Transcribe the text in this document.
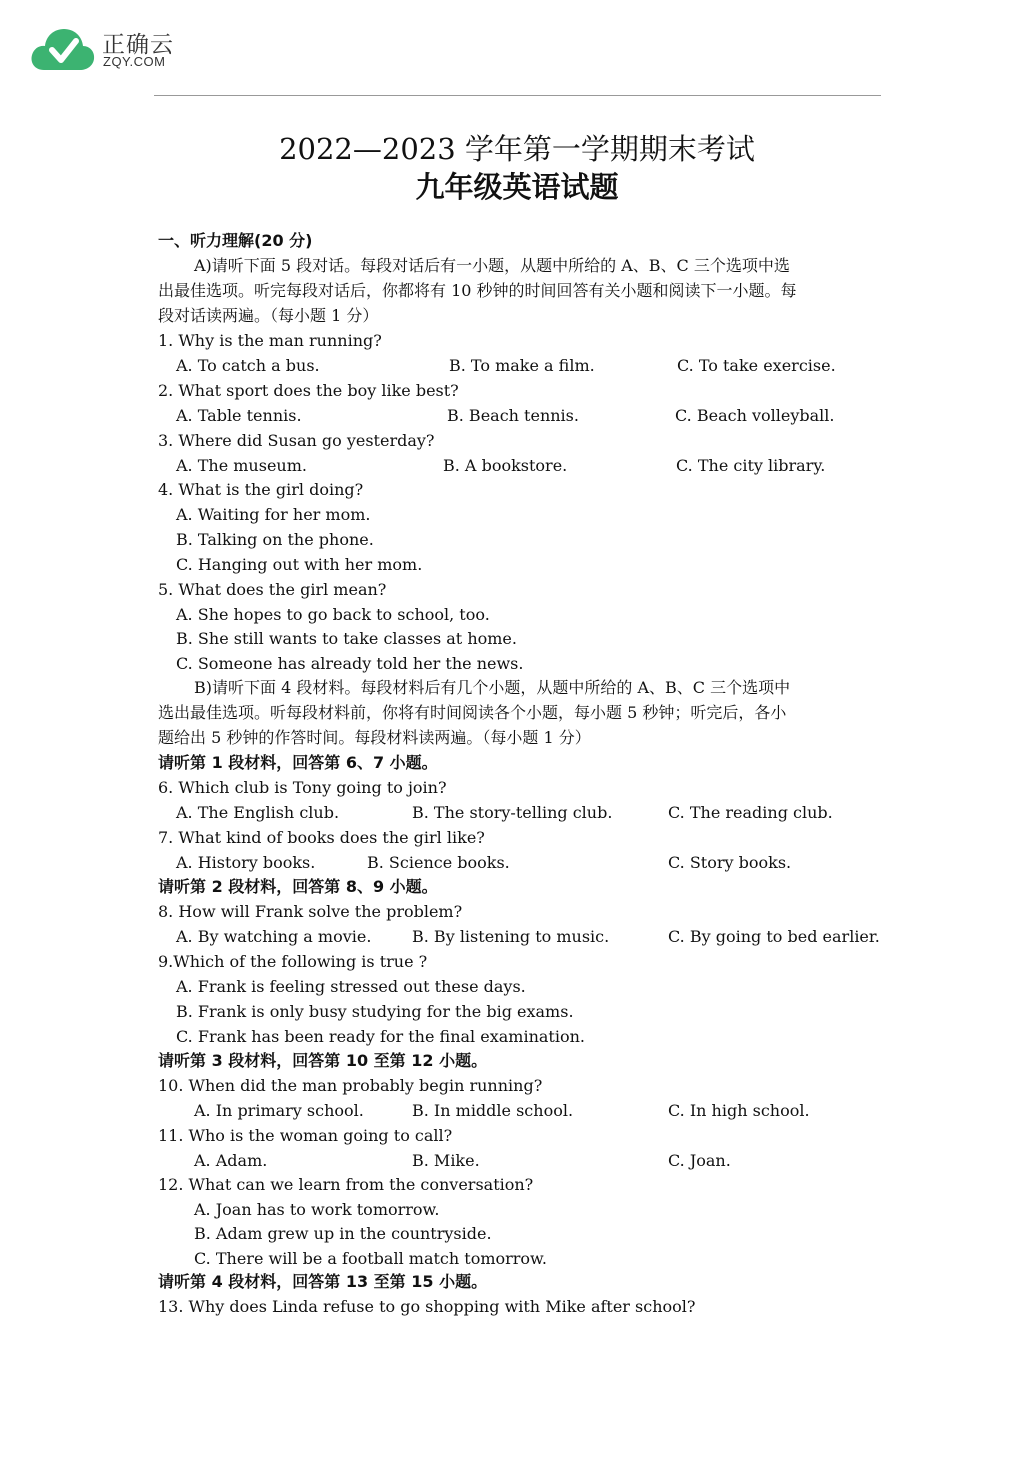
正确云
ZQY.COM
2022—2023 学年第一学期期末考试
九年级英语试题
一、听力理解(20 分)
A)请听下面 5 段对话。每段对话后有一小题，从题中所给的 A、B、C 三个选项中选
出最佳选项。听完每段对话后，你都将有 10 秒钟的时间回答有关小题和阅读下一小题。每
段对话读两遍。（每小题 1 分）
1. Why is the man running?
A. To catch a bus.	B. To make a film.	C. To take exercise.
2. What sport does the boy like best?
A. Table tennis.	B. Beach tennis.	C. Beach volleyball.
3. Where did Susan go yesterday?
A. The museum.	B. A bookstore.	C. The city library.
4. What is the girl doing?
A. Waiting for her mom.
B. Talking on the phone.
C. Hanging out with her mom.
5. What does the girl mean?
A. She hopes to go back to school, too.
B. She still wants to take classes at home.
C. Someone has already told her the news.
B)请听下面 4 段材料。每段材料后有几个小题，从题中所给的 A、B、C 三个选项中
选出最佳选项。听每段材料前，你将有时间阅读各个小题，每小题 5 秒钟；听完后，各小
题给出 5 秒钟的作答时间。每段材料读两遍。（每小题 1 分）
请听第 1 段材料，回答第 6、7 小题。
6. Which club is Tony going to join?
A. The English club.	B. The story-telling club.	C. The reading club.
7. What kind of books does the girl like?
A. History books.	B. Science books.	C. Story books.
请听第 2 段材料，回答第 8、9 小题。
8. How will Frank solve the problem?
A. By watching a movie.	B. By listening to music.	C. By going to bed earlier.
9.Which of the following is true ?
A. Frank is feeling stressed out these days.
B. Frank is only busy studying for the big exams.
C. Frank has been ready for the final examination.
请听第 3 段材料，回答第 10 至第 12 小题。
10. When did the man probably begin running?
A. In primary school.	B. In middle school.	C. In high school.
11. Who is the woman going to call?
A. Adam.	B. Mike.	C. Joan.
12. What can we learn from the conversation?
A. Joan has to work tomorrow.
B. Adam grew up in the countryside.
C. There will be a football match tomorrow.
请听第 4 段材料，回答第 13 至第 15 小题。
13. Why does Linda refuse to go shopping with Mike after school?
